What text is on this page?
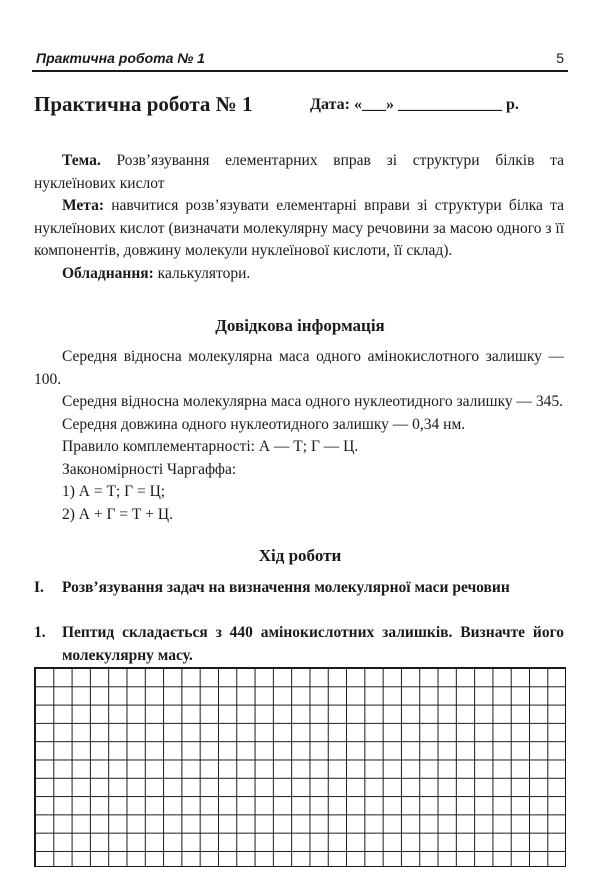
Практична робота № 1	5
Практична робота № 1	Дата: «___» _____________ р.

Тема. Розв’язування елементарних вправ зі структури білків та нуклеїнових кислот

Мета: навчитися розв’язувати елементарні вправи зі структури білка та нуклеїнових кислот (визначати молекулярну масу речовини за масою одного з її компонентів, довжину молекули нуклеїнової кислоти, її склад).

Обладнання: калькулятори.

Довідкова інформація

Середня відносна молекулярна маса одного амінокислотного залишку — 100.

Середня відносна молекулярна маса одного нуклеотидного залишку — 345.

Середня довжина одного нуклеотидного залишку — 0,34 нм.

Правило комплементарності: А — Т; Г — Ц.

Закономірності Чаргаффа:

1) А = Т; Г = Ц;

2) А + Г = Т + Ц.

Хід роботи
I. Розв’язування задач на визначення молекулярної маси речовин
1. Пептид складається з 440 амінокислотних залишків. Визначте його молекулярну масу.
